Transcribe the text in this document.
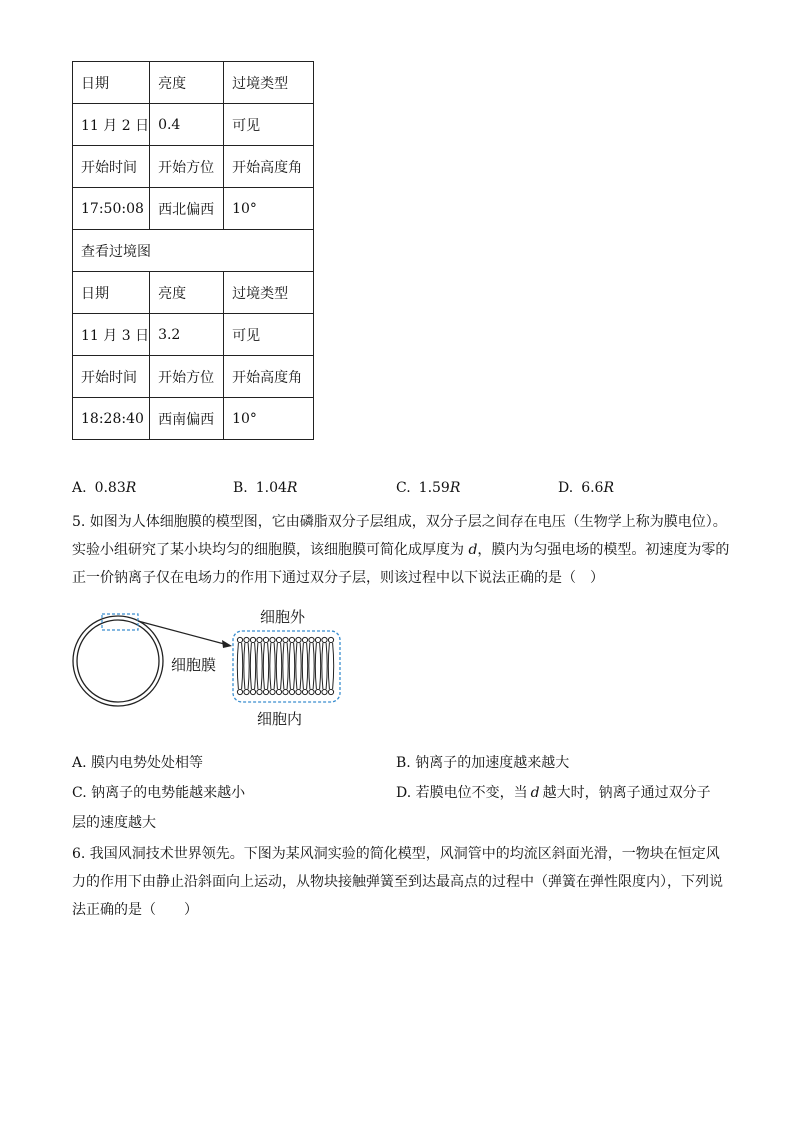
日期	亮度	过境类型
11 月 2 日	0.4	可见
开始时间	开始方位	开始高度角
17:50:08	西北偏西	10°
查看过境图		
日期	亮度	过境类型
11 月 3 日	3.2	可见
开始时间	开始方位	开始高度角
18:28:40	西南偏西	10°
A. 0.83R	B. 1.04R	C. 1.59R	D. 6.6R
5. 如图为人体细胞膜的模型图，它由磷脂双分子层组成，双分子层之间存在电压（生物学上称为膜电位）。
实验小组研究了某小块均匀的细胞膜，该细胞膜可简化成厚度为 d，膜内为匀强电场的模型。初速度为零的
正一价钠离子仅在电场力的作用下通过双分子层，则该过程中以下说法正确的是（　）
细胞外
细胞膜
细胞内
A. 膜内电势处处相等	B. 钠离子的加速度越来越大
C. 钠离子的电势能越来越小	D. 若膜电位不变，当 d 越大时，钠离子通过双分子
层的速度越大
6. 我国风洞技术世界领先。下图为某风洞实验的简化模型，风洞管中的均流区斜面光滑，一物块在恒定风
力的作用下由静止沿斜面向上运动，从物块接触弹簧至到达最高点的过程中（弹簧在弹性限度内），下列说
法正确的是（　　）
